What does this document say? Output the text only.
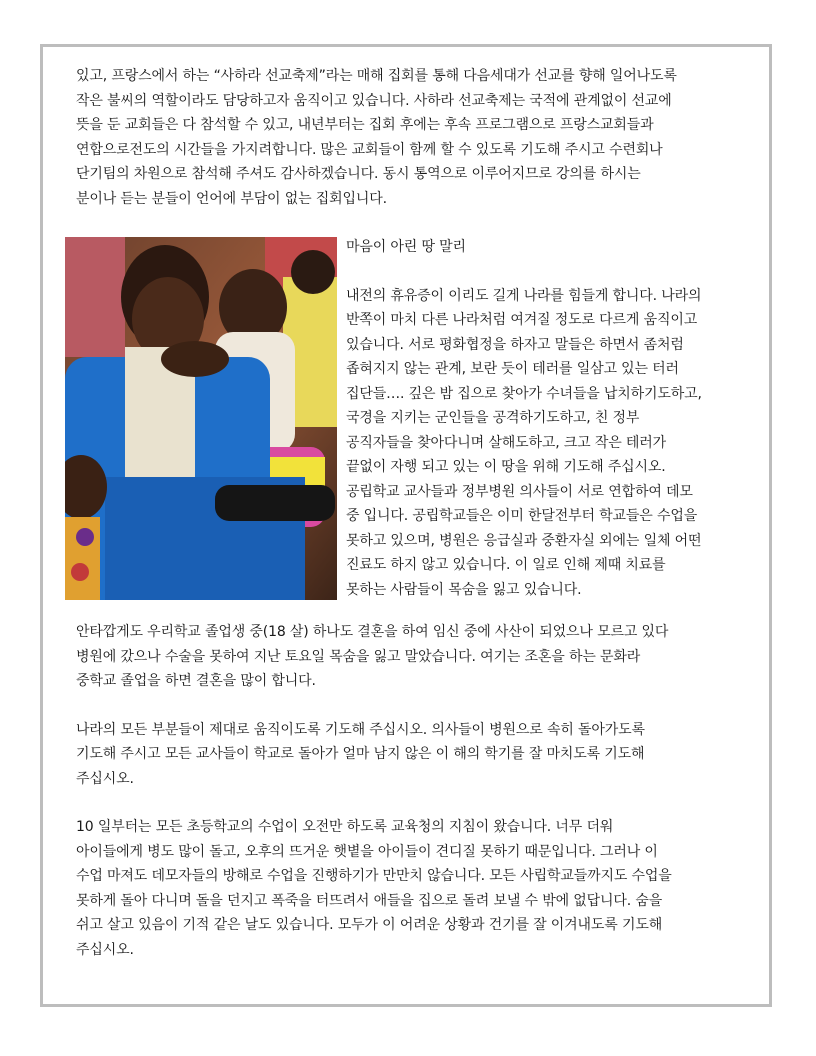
있고, 프랑스에서 하는 “사하라 선교축제”라는 매해 집회를 통해 다음세대가 선교를 향해 일어나도록

작은 불씨의 역할이라도 담당하고자 움직이고 있습니다. 사하라 선교축제는 국적에 관계없이 선교에

뜻을 둔 교회들은 다 참석할 수 있고, 내년부터는 집회 후에는 후속 프로그램으로 프랑스교회들과

연합으로전도의 시간들을 가지려합니다. 많은 교회들이 함께 할 수 있도록 기도해 주시고 수련회나

단기팀의 차원으로 참석해 주셔도 감사하겠습니다. 동시 통역으로 이루어지므로 강의를 하시는

분이나 듣는 분들이 언어에 부담이 없는 집회입니다.

마음이 아린 땅 말리

내전의 휴유증이 이리도 길게 나라를 힘들게 합니다. 나라의

반쪽이 마치 다른 나라처럼 여겨질 정도로 다르게 움직이고

있습니다. 서로 평화협정을 하자고 말들은 하면서 좀처럼

좁혀지지 않는 관계, 보란 듯이 테러를 일삼고 있는 터러

집단들…. 깊은 밤 집으로 찾아가 수녀들을 납치하기도하고,

국경을 지키는 군인들을 공격하기도하고, 친 정부

공직자들을 찾아다니며 살해도하고, 크고 작은 테러가

끝없이 자행 되고 있는 이 땅을 위해 기도해 주십시오.

공립학교 교사들과 정부병원 의사들이 서로 연합하여 데모

중 입니다. 공립학교들은 이미 한달전부터 학교들은 수업을

못하고 있으며, 병원은 응급실과 중환자실 외에는 일체 어떤

진료도 하지 않고 있습니다. 이 일로 인해 제때 치료를

못하는 사람들이 목숨을 잃고 있습니다.

안타깝게도 우리학교 졸업생 중(18 살) 하나도 결혼을 하여 임신 중에 사산이 되었으나 모르고 있다

병원에 갔으나 수술을 못하여 지난 토요일 목숨을 잃고 말았습니다. 여기는 조혼을 하는 문화라

중학교 졸업을 하면 결혼을 많이 합니다.

나라의 모든 부분들이 제대로 움직이도록 기도해 주십시오. 의사들이 병원으로 속히 돌아가도록

기도해 주시고 모든 교사들이 학교로 돌아가 얼마 남지 않은 이 해의 학기를 잘 마치도록 기도해

주십시오.

10 일부터는 모든 초등학교의 수업이 오전만 하도록 교육청의 지침이 왔습니다. 너무 더워

아이들에게 병도 많이 돌고, 오후의 뜨거운 햇볕을 아이들이 견디질 못하기 때문입니다. 그러나 이

수업 마져도 데모자들의 방해로 수업을 진행하기가 만만치 않습니다. 모든 사립학교들까지도 수업을

못하게 돌아 다니며 돌을 던지고 폭죽을 터뜨려서 애들을 집으로 돌려 보낼 수 밖에 없답니다. 숨을

쉬고 살고 있음이 기적 같은 날도 있습니다. 모두가 이 어려운 상황과 건기를 잘 이겨내도록 기도해

주십시오.
